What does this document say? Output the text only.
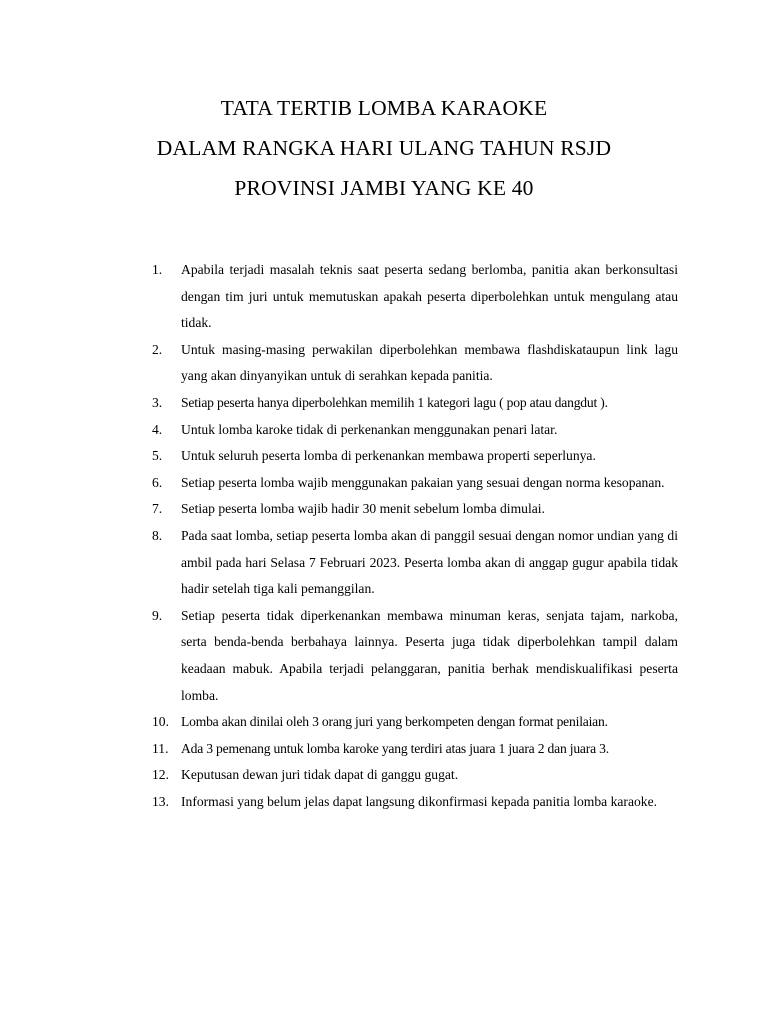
TATA TERTIB LOMBA KARAOKE
DALAM RANGKA HARI ULANG TAHUN RSJD
PROVINSI JAMBI YANG KE 40
1.	Apabila terjadi masalah teknis saat peserta sedang berlomba, panitia akan berkonsultasi dengan tim juri untuk memutuskan apakah peserta diperbolehkan untuk mengulang atau tidak.
2.	Untuk masing-masing perwakilan diperbolehkan membawa flashdiskataupun link lagu yang akan dinyanyikan untuk di serahkan kepada panitia.
3.	Setiap peserta hanya diperbolehkan memilih 1 kategori lagu ( pop atau dangdut ).
4.	Untuk lomba karoke tidak di perkenankan menggunakan penari latar.
5.	Untuk seluruh peserta lomba di perkenankan membawa properti seperlunya.
6.	Setiap peserta lomba wajib menggunakan pakaian yang sesuai dengan norma kesopanan.
7.	Setiap peserta lomba wajib hadir 30 menit sebelum lomba dimulai.
8.	Pada saat lomba, setiap peserta lomba akan di panggil sesuai dengan nomor undian yang di ambil pada hari Selasa 7 Februari 2023. Peserta lomba akan di anggap gugur apabila tidak hadir setelah tiga kali pemanggilan.
9.	Setiap peserta tidak diperkenankan membawa minuman keras, senjata tajam, narkoba, serta benda-benda berbahaya lainnya. Peserta juga tidak diperbolehkan tampil dalam keadaan mabuk. Apabila terjadi pelanggaran, panitia berhak mendiskualifikasi peserta lomba.
10. Lomba akan dinilai oleh 3 orang juri yang berkompeten dengan format penilaian.
11. Ada 3 pemenang untuk lomba karoke yang terdiri atas juara 1 juara 2 dan juara 3.
12. Keputusan dewan juri tidak dapat di ganggu gugat.
13. Informasi yang belum jelas dapat langsung dikonfirmasi kepada panitia lomba karaoke.
